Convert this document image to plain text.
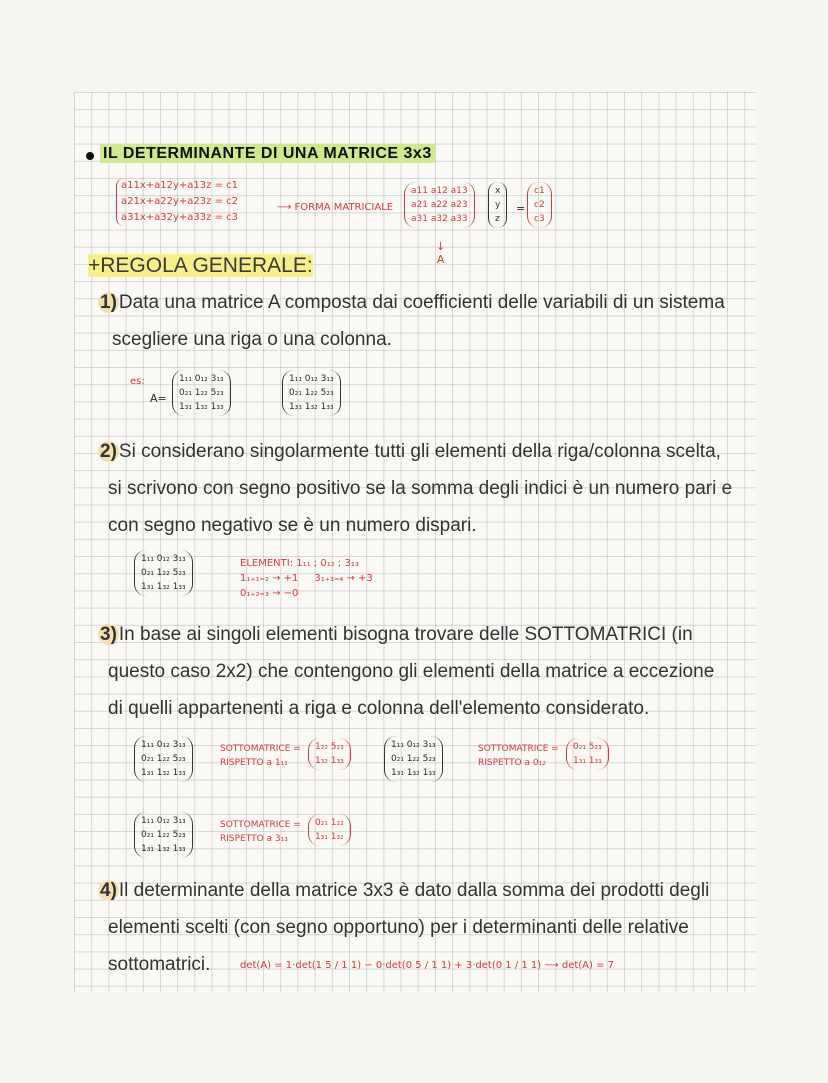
IL DETERMINANTE DI UNA MATRICE 3x3
a11x+a12y+a13z = c1
a21x+a22y+a23z = c2
a31x+a32y+a33z = c3
⟶ FORMA MATRICIALE
a11 a12 a13
a21 a22 a23
a31 a32 a33
x
y
z
=
c1
c2
c3
↓
A
+REGOLA GENERALE:
1) Data una matrice A composta dai coefficienti delle variabili di un sistema
scegliere una riga o una colonna.
es:
A=
1₁₁ 0₁₂ 3₁₃
0₂₁ 1₂₂ 5₂₃
1₃₁ 1₃₂ 1₃₃
1₁₁ 0₁₂ 3₁₃
0₂₁ 1₂₂ 5₂₃
1₃₁ 1₃₂ 1₃₃
2) Si considerano singolarmente tutti gli elementi della riga/colonna scelta,
si scrivono con segno positivo se la somma degli indici è un numero pari e
con segno negativo se è un numero dispari.
1₁₁ 0₁₂ 3₁₃
0₂₁ 1₂₂ 5₂₃
1₃₁ 1₃₂ 1₃₃
ELEMENTI: 1₁₁ ; 0₁₂ ; 3₁₃
1₁₊₁₌₂ → +1 3₁₊₃₌₄ → +3
0₁₊₂₌₃ → −0
3) In base ai singoli elementi bisogna trovare delle SOTTOMATRICI (in
questo caso 2x2) che contengono gli elementi della matrice a eccezione
di quelli appartenenti a riga e colonna dell'elemento considerato.
1₁₁ 0₁₂ 3₁₃
0₂₁ 1₂₂ 5₂₃
1₃₁ 1₃₂ 1₃₃
SOTTOMATRICE =
RISPETTO a 1₁₁
1₂₂ 5₂₃
1₃₂ 1₃₃
1₁₁ 0₁₂ 3₁₃
0₂₁ 1₂₂ 5₂₃
1₃₁ 1₃₂ 1₃₃
SOTTOMATRICE =
RISPETTO a 0₁₂
0₂₁ 5₂₃
1₃₁ 1₃₃
1₁₁ 0₁₂ 3₁₃
0₂₁ 1₂₂ 5₂₃
1₃₁ 1₃₂ 1₃₃
SOTTOMATRICE =
RISPETTO a 3₁₃
0₂₁ 1₂₂
1₃₁ 1₃₂
4) Il determinante della matrice 3x3 è dato dalla somma dei prodotti degli
elementi scelti (con segno opportuno) per i determinanti delle relative
sottomatrici.	det(A) = 1·det(1 5 / 1 1) − 0·det(0 5 / 1 1) + 3·det(0 1 / 1 1) ⟶ det(A) = 7
